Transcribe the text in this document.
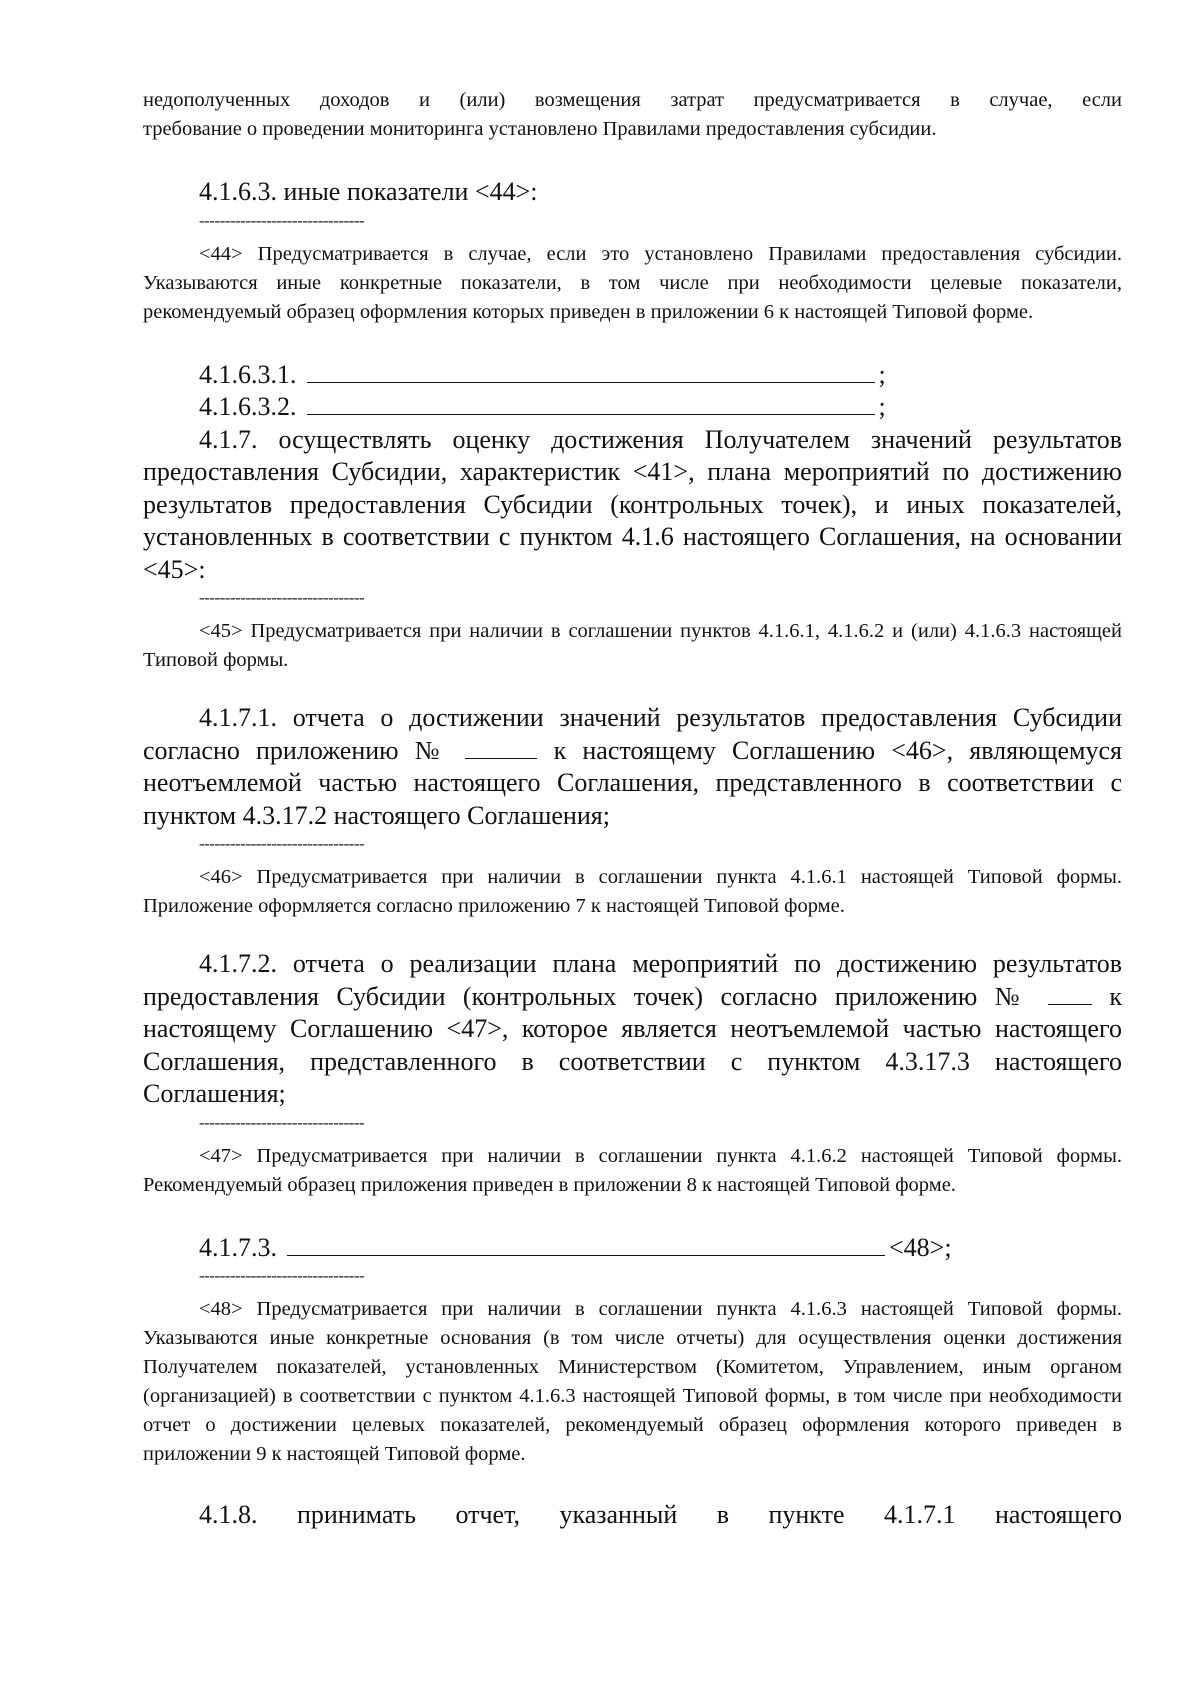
недополученных доходов и (или) возмещения затрат предусматривается в случае, если

требование о проведении мониторинга установлено Правилами предоставления субсидии.

4.1.6.3. иные показатели <44>:

--------------------------------

<44> Предусматривается в случае, если это установлено Правилами предоставления субсидии. Указываются иные конкретные показатели, в том числе при необходимости целевые показатели, рекомендуемый образец оформления которых приведен в приложении 6 к настоящей Типовой форме.

4.1.6.3.1.	;
4.1.6.3.2.	;

4.1.7. осуществлять оценку достижения Получателем значений результатов предоставления Субсидии, характеристик <41>, плана мероприятий по достижению результатов предоставления Субсидии (контрольных точек), и иных показателей, установленных в соответствии с пунктом 4.1.6 настоящего Соглашения, на основании <45>:

--------------------------------

<45> Предусматривается при наличии в соглашении пунктов 4.1.6.1, 4.1.6.2 и (или) 4.1.6.3 настоящей Типовой формы.

4.1.7.1. отчета о достижении значений результатов предоставления Субсидии согласно приложению №	к настоящему Соглашению <46>, являющемуся неотъемлемой частью настоящего Соглашения, представленного в соответствии с пунктом 4.3.17.2 настоящего Соглашения;

--------------------------------

<46> Предусматривается при наличии в соглашении пункта 4.1.6.1 настоящей Типовой формы. Приложение оформляется согласно приложению 7 к настоящей Типовой форме.

4.1.7.2. отчета о реализации плана мероприятий по достижению результатов предоставления Субсидии (контрольных точек) согласно приложению №	к настоящему Соглашению <47>, которое является неотъемлемой частью настоящего Соглашения, представленного в соответствии с пунктом 4.3.17.3 настоящего Соглашения;

--------------------------------

<47> Предусматривается при наличии в соглашении пункта 4.1.6.2 настоящей Типовой формы. Рекомендуемый образец приложения приведен в приложении 8 к настоящей Типовой форме.

4.1.7.3.	<48>;

--------------------------------

<48> Предусматривается при наличии в соглашении пункта 4.1.6.3 настоящей Типовой формы. Указываются иные конкретные основания (в том числе отчеты) для осуществления оценки достижения Получателем показателей, установленных Министерством (Комитетом, Управлением, иным органом (организацией) в соответствии с пунктом 4.1.6.3 настоящей Типовой формы, в том числе при необходимости отчет о достижении целевых показателей, рекомендуемый образец оформления которого приведен в приложении 9 к настоящей Типовой форме.

4.1.8. принимать отчет, указанный в пункте 4.1.7.1 настоящего
